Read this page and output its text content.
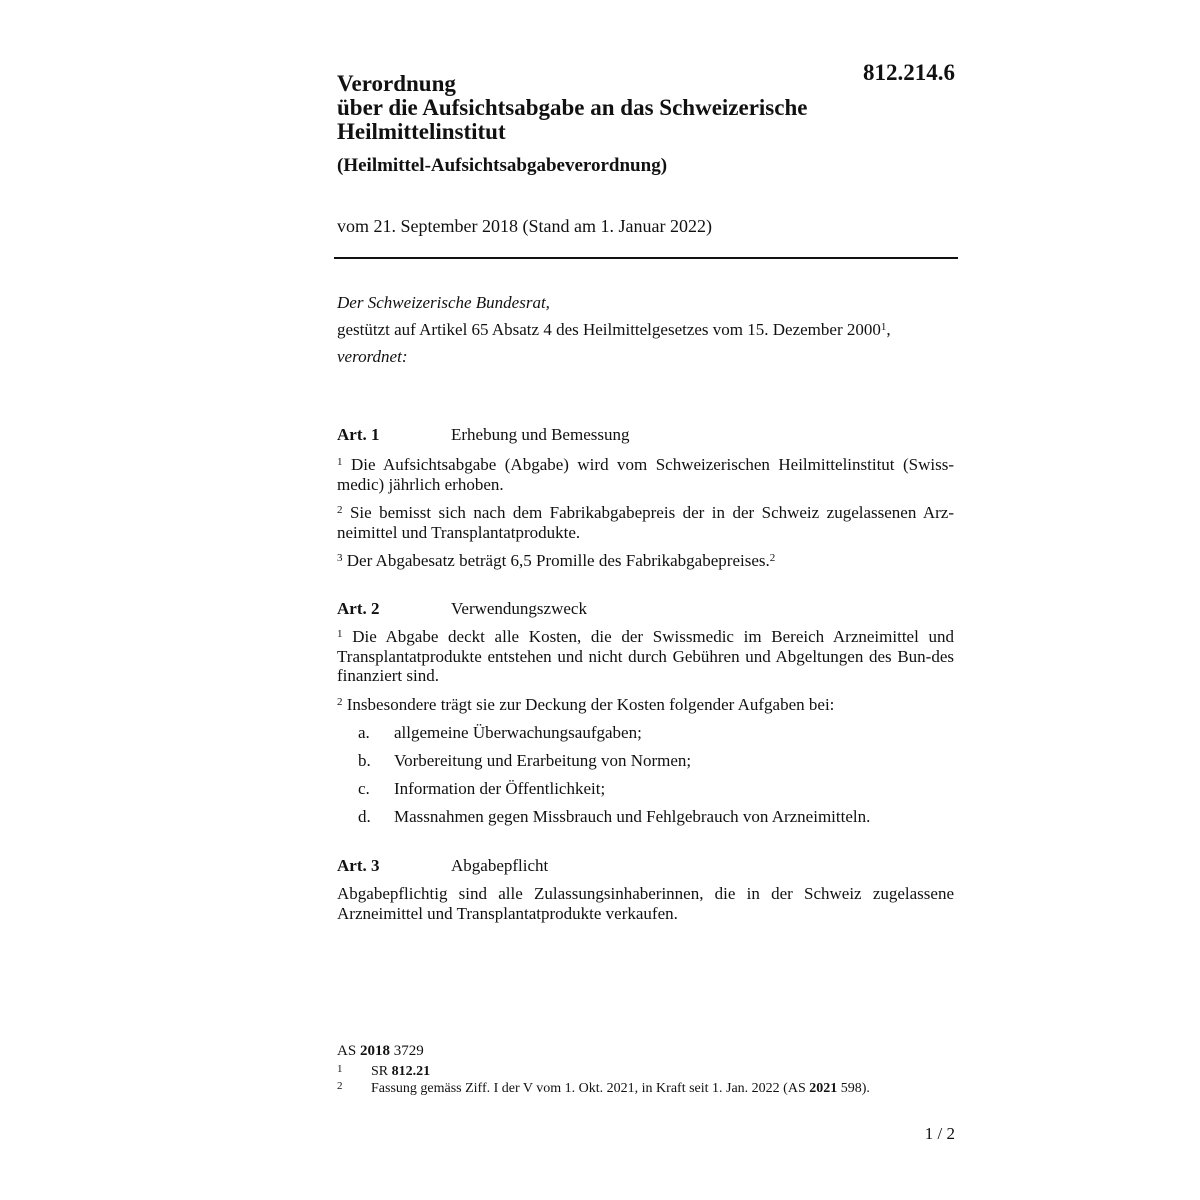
812.214.6
Verordnung
über die Aufsichtsabgabe an das Schweizerische
Heilmittelinstitut
(Heilmittel-Aufsichtsabgabeverordnung)
vom 21. September 2018 (Stand am 1. Januar 2022)
Der Schweizerische Bundesrat,
gestützt auf Artikel 65 Absatz 4 des Heilmittelgesetzes vom 15. Dezember 2000$^1$,
verordnet:
Art. 1	Erhebung und Bemessung
$^1$ Die Aufsichtsabgabe (Abgabe) wird vom Schweizerischen Heilmittelinstitut (Swiss-medic) jährlich erhoben.
$^2$ Sie bemisst sich nach dem Fabrikabgabepreis der in der Schweiz zugelassenen Arz-neimittel und Transplantatprodukte.
$^3$ Der Abgabesatz beträgt 6,5 Promille des Fabrikabgabepreises.$^2$
Art. 2	Verwendungszweck
$^1$ Die Abgabe deckt alle Kosten, die der Swissmedic im Bereich Arzneimittel und Transplantatprodukte entstehen und nicht durch Gebühren und Abgeltungen des Bun-des finanziert sind.
$^2$ Insbesondere trägt sie zur Deckung der Kosten folgender Aufgaben bei:
a. allgemeine Überwachungsaufgaben;
b. Vorbereitung und Erarbeitung von Normen;
c. Information der Öffentlichkeit;
d. Massnahmen gegen Missbrauch und Fehlgebrauch von Arzneimitteln.
Art. 3	Abgabepflicht
Abgabepflichtig sind alle Zulassungsinhaberinnen, die in der Schweiz zugelassene Arzneimittel und Transplantatprodukte verkaufen.
AS 2018 3729
1 SR 812.21
2 Fassung gemäss Ziff. I der V vom 1. Okt. 2021, in Kraft seit 1. Jan. 2022 (AS 2021 598).
1 / 2
